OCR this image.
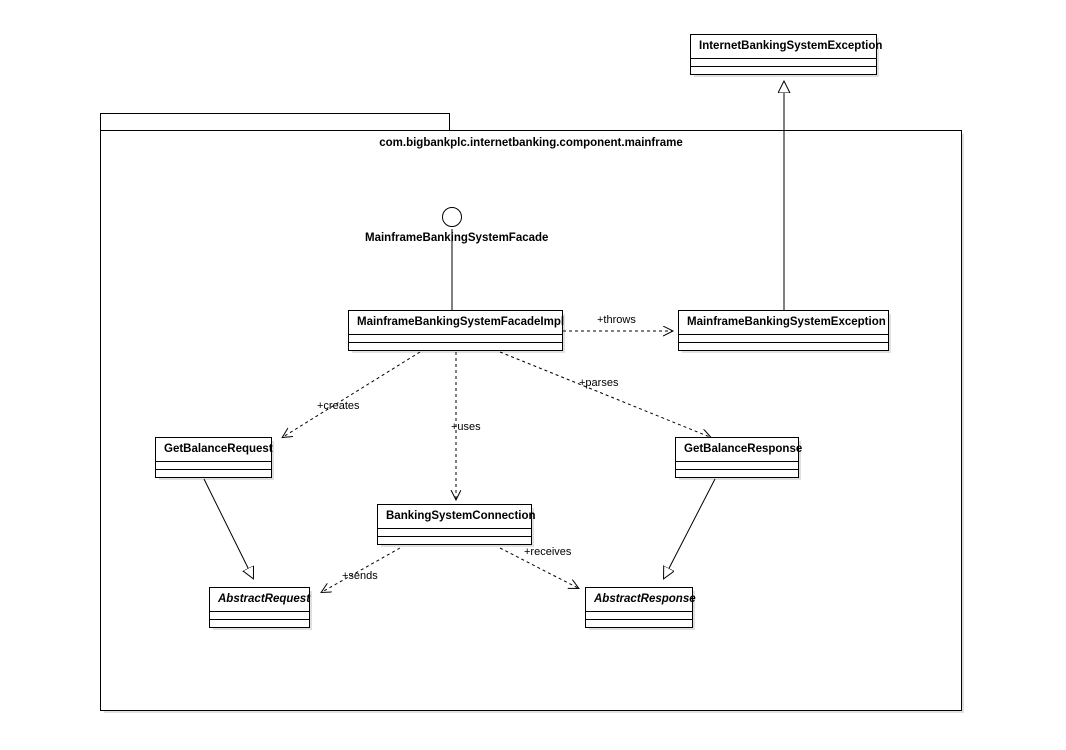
com.bigbankplc.internetbanking.component.mainframe
InternetBankingSystemException
MainframeBankingSystemFacade
MainframeBankingSystemFacadeImpl	MainframeBankingSystemException
GetBalanceRequest	GetBalanceResponse
BankingSystemConnection
AbstractRequest	AbstractResponse
+throws
+creates
+uses
+parses
+sends
+receives
